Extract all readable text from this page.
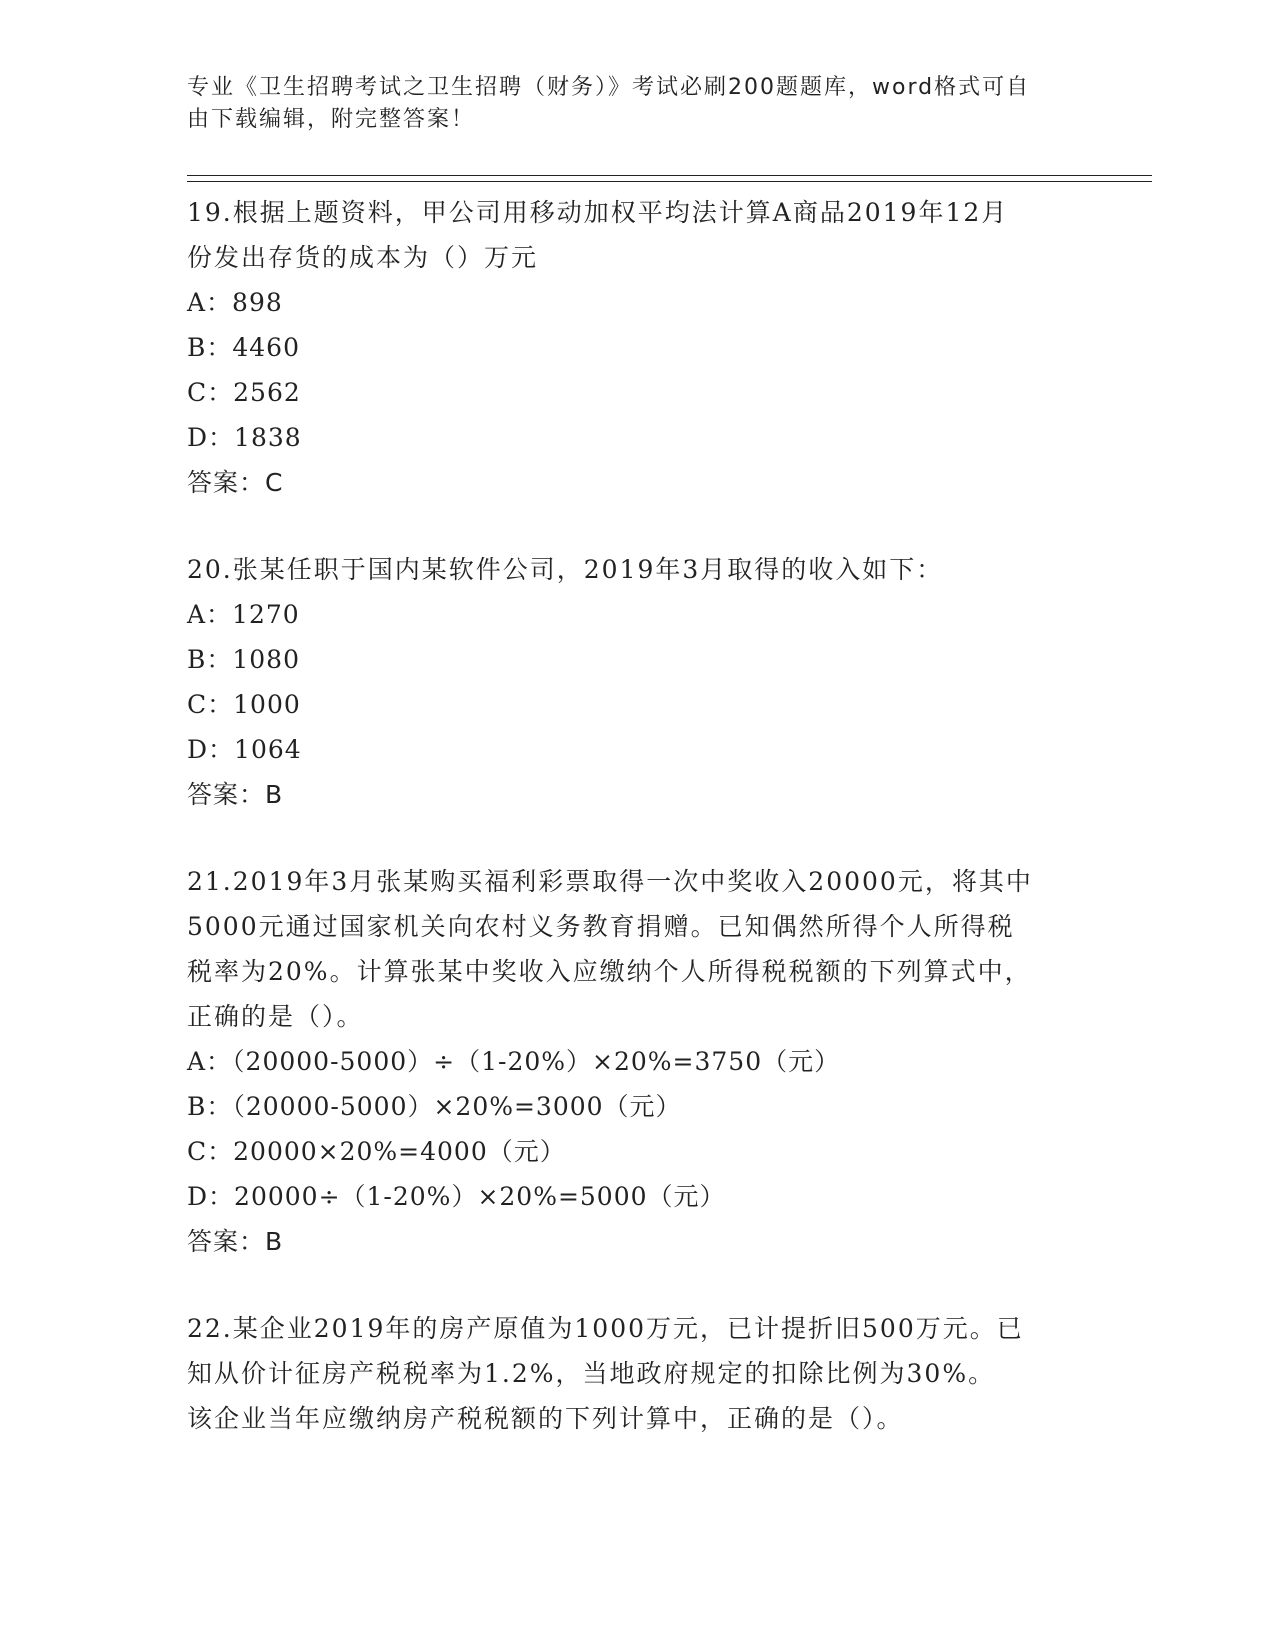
专业《卫生招聘考试之卫生招聘（财务）》考试必刷200题题库，word格式可自
由下载编辑，附完整答案！

19.根据上题资料，甲公司用移动加权平均法计算A商品2019年12月

份发出存货的成本为（）万元

A：898

B：4460

C：2562

D：1838

答案：C

20.张某任职于国内某软件公司，2019年3月取得的收入如下：

A：1270

B：1080

C：1000

D：1064

答案：B

21.2019年3月张某购买福利彩票取得一次中奖收入20000元，将其中

5000元通过国家机关向农村义务教育捐赠。已知偶然所得个人所得税

税率为20%。计算张某中奖收入应缴纳个人所得税税额的下列算式中，

正确的是（）。

A：（20000-5000）÷（1-20%）×20%=3750（元）

B：（20000-5000）×20%=3000（元）

C：20000×20%=4000（元）

D：20000÷（1-20%）×20%=5000（元）

答案：B

22.某企业2019年的房产原值为1000万元，已计提折旧500万元。已

知从价计征房产税税率为1.2%，当地政府规定的扣除比例为30%。

该企业当年应缴纳房产税税额的下列计算中，正确的是（）。
